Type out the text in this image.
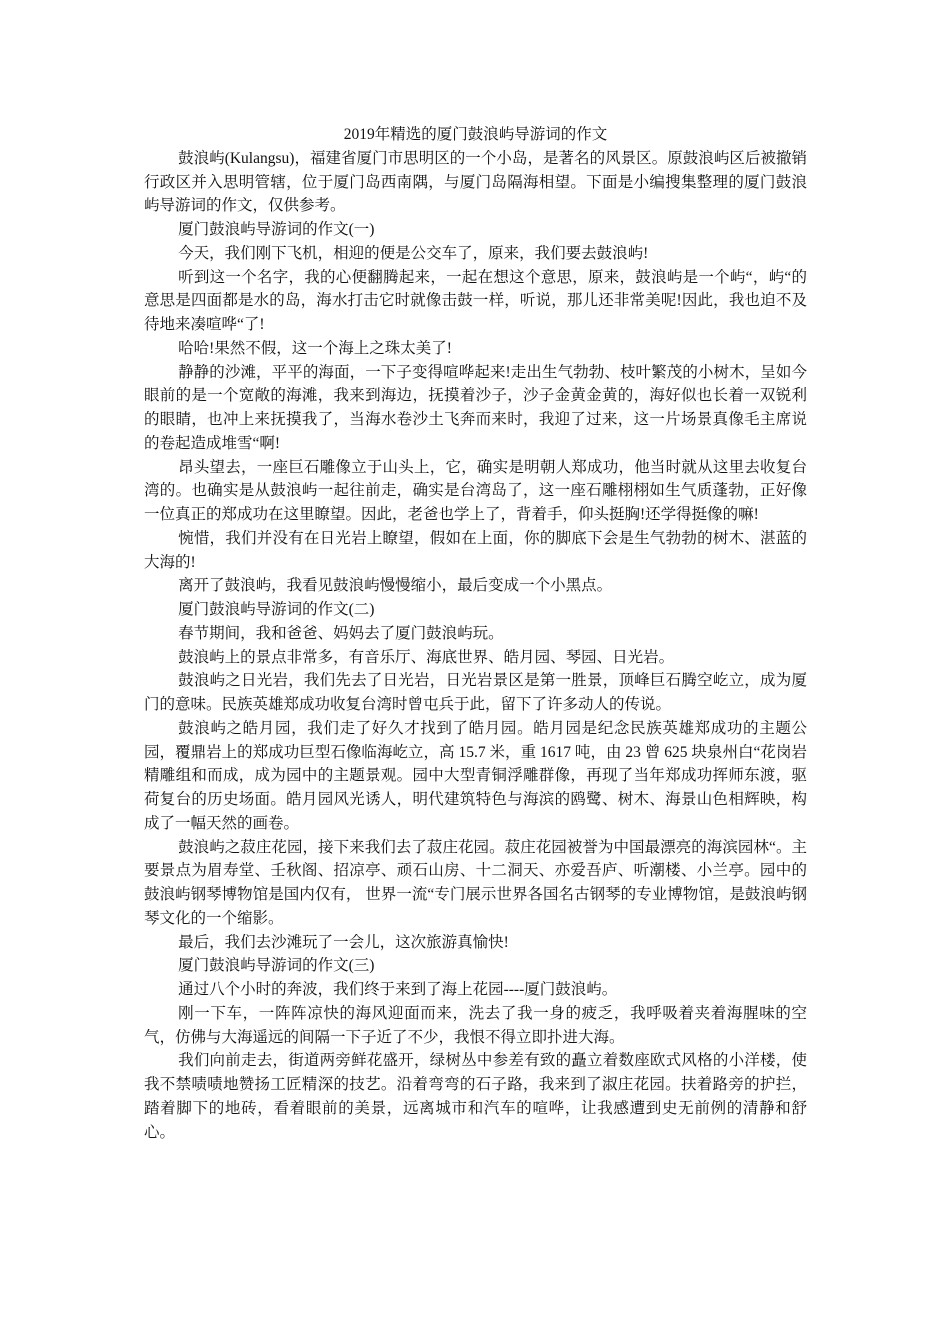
2019年精选的厦门鼓浪屿导游词的作文

鼓浪屿(Kulangsu)，福建省厦门市思明区的一个小岛，是著名的风景区。原鼓浪屿区后被撤销行政区并入思明管辖，位于厦门岛西南隅，与厦门岛隔海相望。下面是小编搜集整理的厦门鼓浪屿导游词的作文，仅供参考。

厦门鼓浪屿导游词的作文(一)

今天，我们刚下飞机，相迎的便是公交车了，原来，我们要去鼓浪屿!

听到这一个名字，我的心便翻腾起来，一起在想这个意思，原来，鼓浪屿是一个屿“，屿“的意思是四面都是水的岛，海水打击它时就像击鼓一样，听说，那儿还非常美呢!因此，我也迫不及待地来凑喧哗“了!

哈哈!果然不假，这一个海上之珠太美了!

静静的沙滩，平平的海面，一下子变得喧哗起来!走出生气勃勃、枝叶繁茂的小树木，呈如今眼前的是一个宽敞的海滩，我来到海边，抚摸着沙子，沙子金黄金黄的，海好似也长着一双锐利的眼睛，也冲上来抚摸我了，当海水卷沙土飞奔而来时，我迎了过来，这一片场景真像毛主席说的卷起造成堆雪“啊!

昂头望去，一座巨石雕像立于山头上，它，确实是明朝人郑成功，他当时就从这里去收复台湾的。也确实是从鼓浪屿一起往前走，确实是台湾岛了，这一座石雕栩栩如生气质蓬勃，正好像一位真正的郑成功在这里瞭望。因此，老爸也学上了，背着手，仰头挺胸!还学得挺像的嘛!

惋惜，我们并没有在日光岩上瞭望，假如在上面，你的脚底下会是生气勃勃的树木、湛蓝的大海的!

离开了鼓浪屿，我看见鼓浪屿慢慢缩小，最后变成一个小黑点。

厦门鼓浪屿导游词的作文(二)

春节期间，我和爸爸、妈妈去了厦门鼓浪屿玩。

鼓浪屿上的景点非常多，有音乐厅、海底世界、皓月园、琴园、日光岩。

鼓浪屿之日光岩，我们先去了日光岩，日光岩景区是第一胜景，顶峰巨石腾空屹立，成为厦门的意味。民族英雄郑成功收复台湾时曾屯兵于此，留下了许多动人的传说。

鼓浪屿之皓月园，我们走了好久才找到了皓月园。皓月园是纪念民族英雄郑成功的主题公园，覆鼎岩上的郑成功巨型石像临海屹立，高 15.7 米，重 1617 吨，由 23 曾 625 块泉州白“花岗岩精雕组和而成，成为园中的主题景观。园中大型青铜浮雕群像，再现了当年郑成功挥师东渡，驱荷复台的历史场面。皓月园风光诱人，明代建筑特色与海滨的鸥鹭、树木、海景山色相辉映，构成了一幅天然的画卷。

鼓浪屿之菽庄花园，接下来我们去了菽庄花园。菽庄花园被誉为中国最漂亮的海滨园林“。主要景点为眉寿堂、壬秋阁、招凉亭、顽石山房、十二洞天、亦爱吾庐、听潮楼、小兰亭。园中的鼓浪屿钢琴博物馆是国内仅有， 世界一流“专门展示世界各国名古钢琴的专业博物馆，是鼓浪屿钢琴文化的一个缩影。

最后，我们去沙滩玩了一会儿，这次旅游真愉快!

厦门鼓浪屿导游词的作文(三)

通过八个小时的奔波，我们终于来到了海上花园----厦门鼓浪屿。

刚一下车，一阵阵凉快的海风迎面而来，洗去了我一身的疲乏，我呼吸着夹着海腥味的空气，仿佛与大海遥远的间隔一下子近了不少，我恨不得立即扑进大海。

我们向前走去，街道两旁鲜花盛开，绿树丛中参差有致的矗立着数座欧式风格的小洋楼，使我不禁啧啧地赞扬工匠精深的技艺。沿着弯弯的石子路，我来到了淑庄花园。扶着路旁的护拦，踏着脚下的地砖，看着眼前的美景，远离城市和汽车的喧哗，让我感遭到史无前例的清静和舒心。
